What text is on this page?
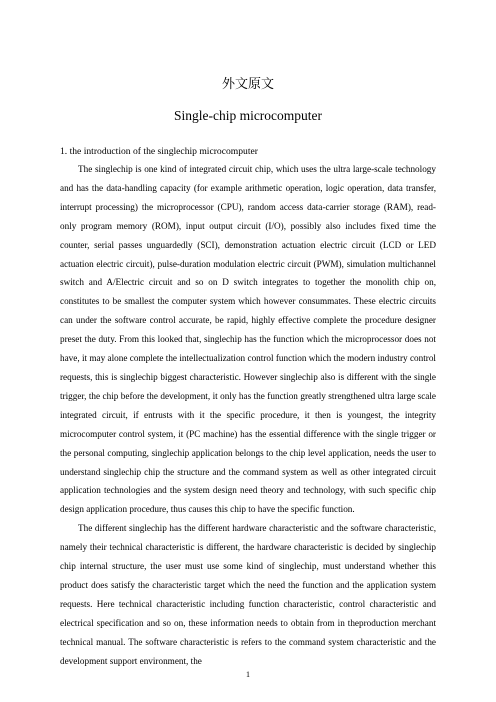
外文原文
Single-chip microcomputer
1. the introduction of the singlechip microcomputer

The singlechip is one kind of integrated circuit chip, which uses the ultra large-scale technology and has the data-handling capacity (for example arithmetic operation, logic operation, data transfer, interrupt processing) the microprocessor (CPU), random access data-carrier storage (RAM), read-only program memory (ROM), input output circuit (I/O), possibly also includes fixed time the counter, serial passes unguardedly (SCI), demonstration actuation electric circuit (LCD or LED actuation electric circuit), pulse-duration modulation electric circuit (PWM), simulation multichannel switch and A/Electric circuit and so on D switch integrates to together the monolith chip on, constitutes to be smallest the computer system which however consummates. These electric circuits can under the software control accurate, be rapid, highly effective complete the procedure designer preset the duty. From this looked that, singlechip has the function which the microprocessor does not have, it may alone complete the intellectualization control function which the modern industry control requests, this is singlechip biggest characteristic. However singlechip also is different with the single trigger, the chip before the development, it only has the function greatly strengthened ultra large scale integrated circuit, if entrusts with it the specific procedure, it then is youngest, the integrity microcomputer control system, it (PC machine) has the essential difference with the single trigger or the personal computing, singlechip application belongs to the chip level application, needs the user to understand singlechip chip the structure and the command system as well as other integrated circuit application technologies and the system design need theory and technology, with such specific chip design application procedure, thus causes this chip to have the specific function.

The different singlechip has the different hardware characteristic and the software characteristic, namely their technical characteristic is different, the hardware characteristic is decided by singlechip chip internal structure, the user must use some kind of singlechip, must understand whether this product does satisfy the characteristic target which the need the function and the application system requests. Here technical characteristic including function characteristic, control characteristic and electrical specification and so on, these information needs to obtain from in theproduction merchant technical manual. The software characteristic is refers to the command system characteristic and the development support environment, the

1
